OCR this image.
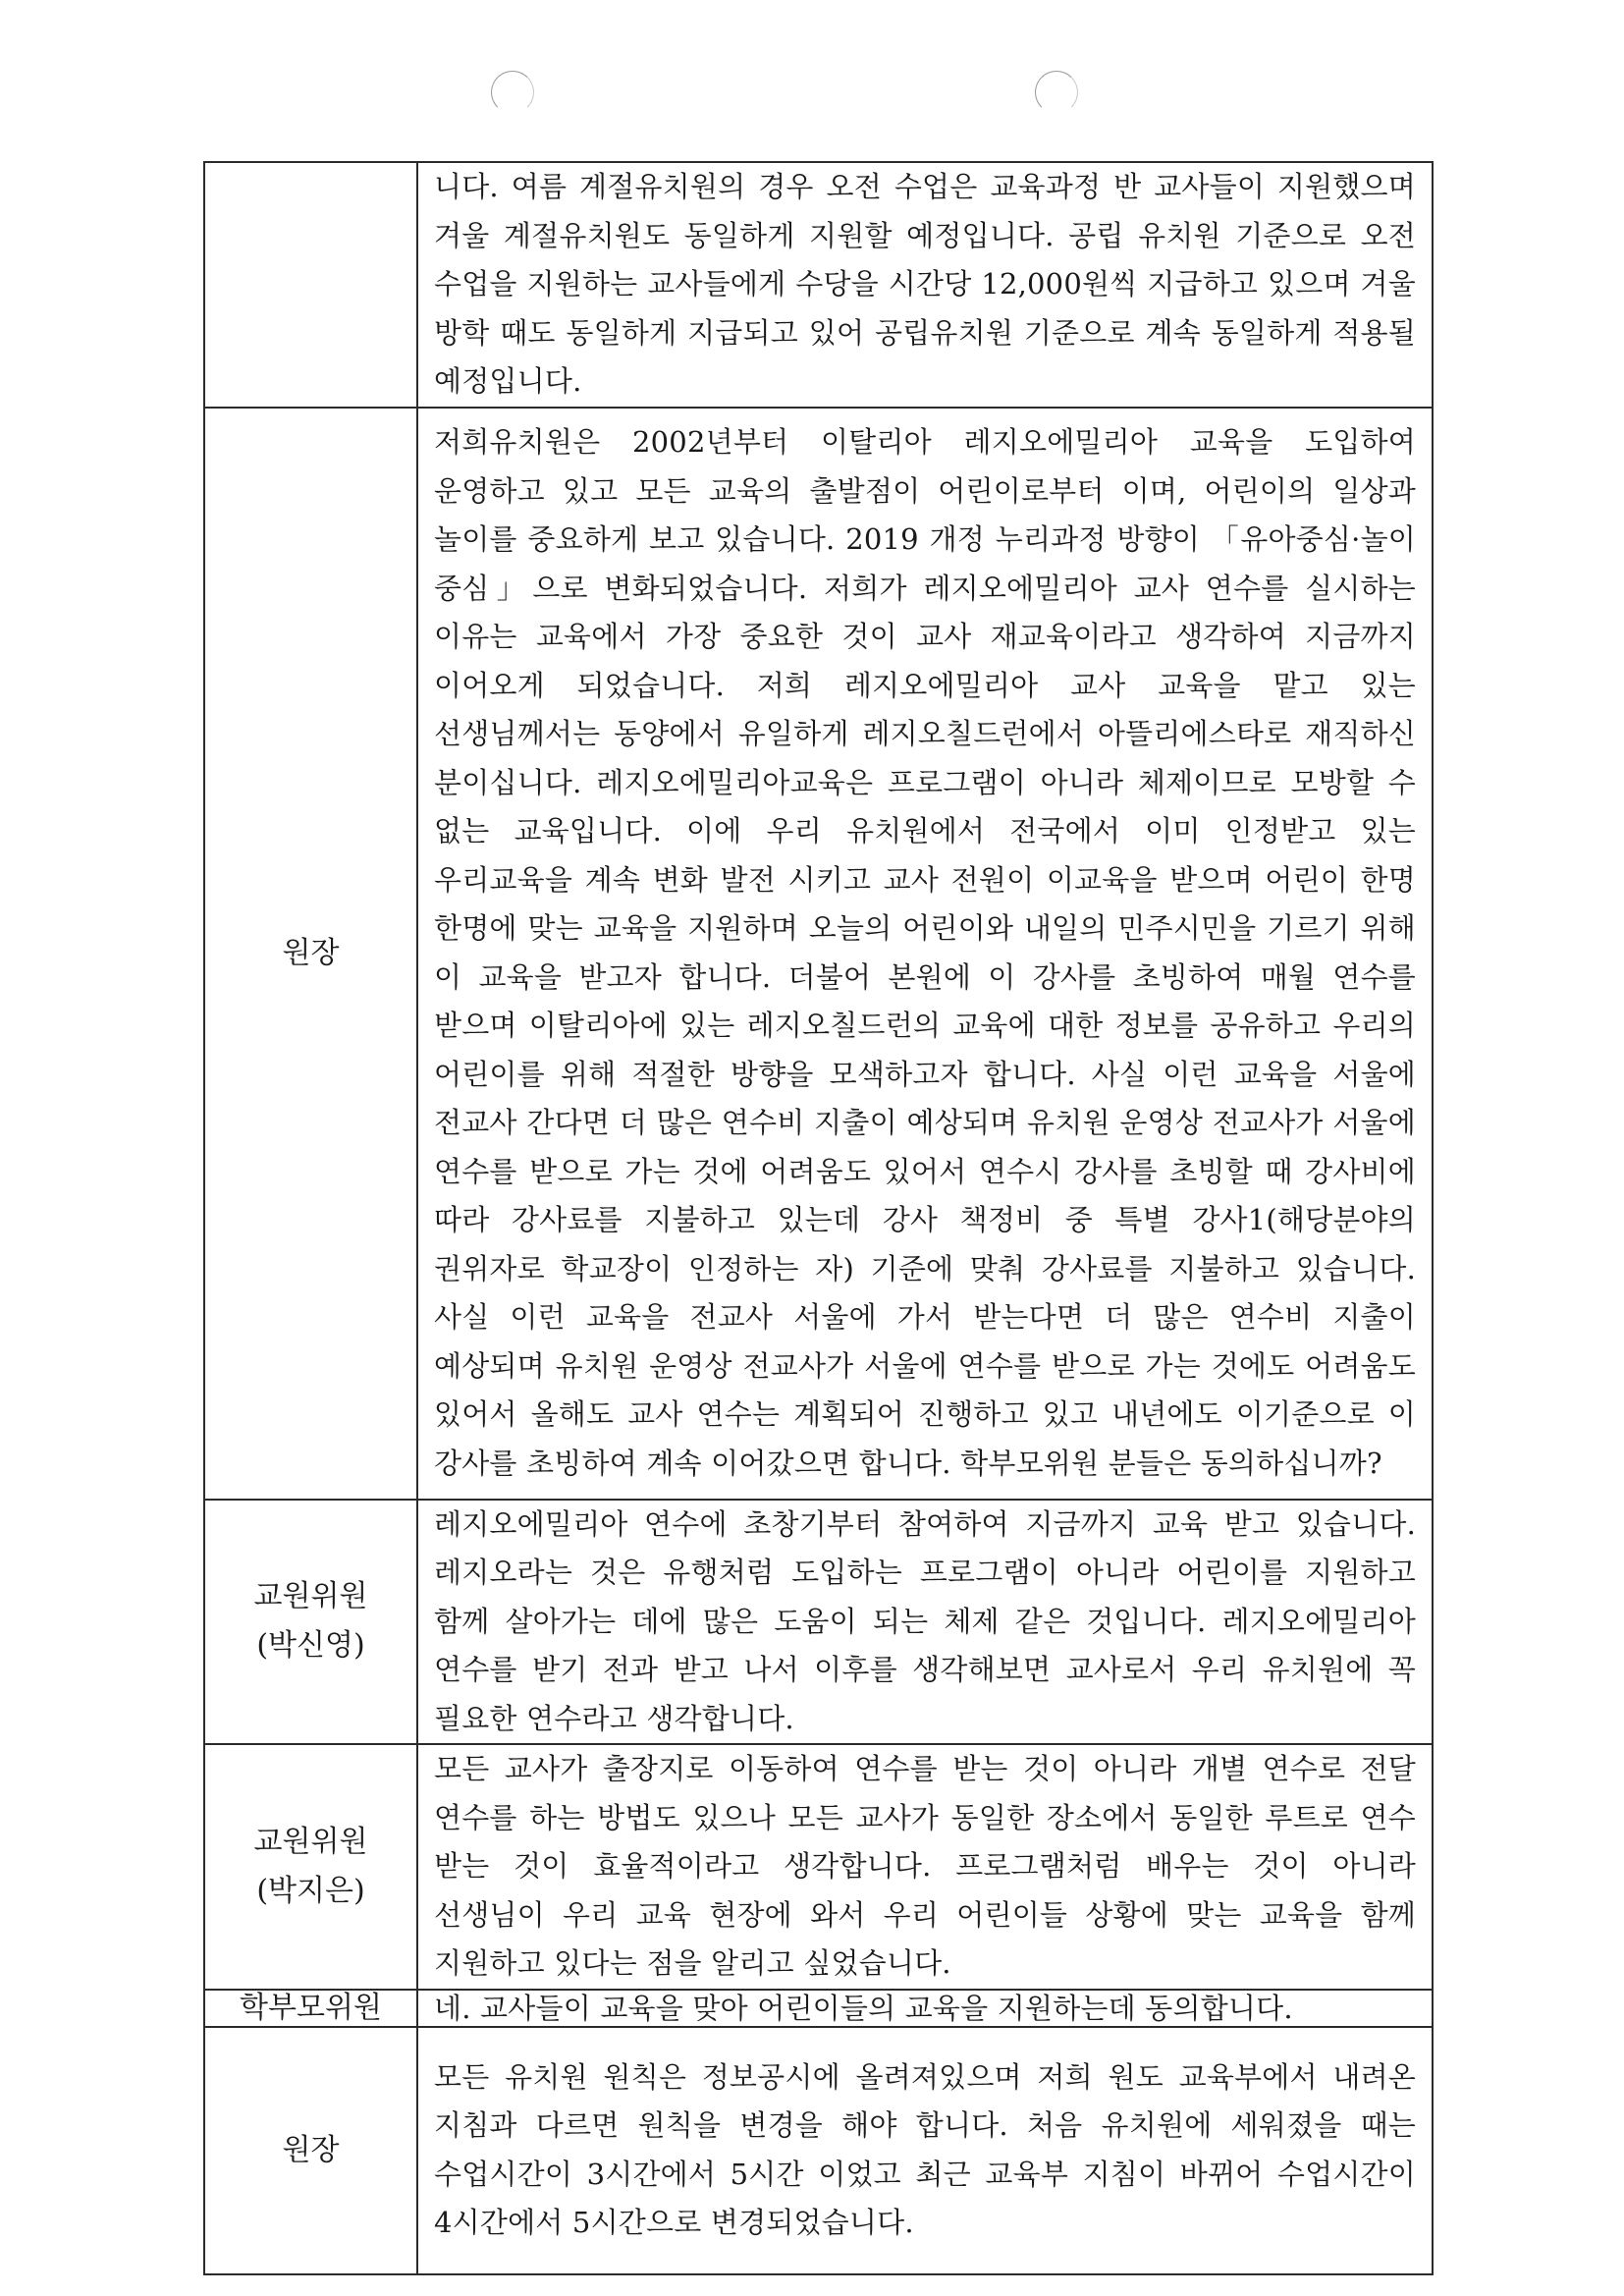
	니다. 여름 계절유치원의 경우 오전 수업은 교육과정 반 교사들이 지원했으며 겨울 계절유치원도 동일하게 지원할 예정입니다. 공립 유치원 기준으로 오전 수업을 지원하는 교사들에게 수당을 시간당 12,000원씩 지급하고 있으며 겨울 방학 때도 동일하게 지급되고 있어 공립유치원 기준으로 계속 동일하게 적용될 예정입니다.

원장	저희유치원은 2002년부터 이탈리아 레지오에밀리아 교육을 도입하여 운영하고 있고 모든 교육의 출발점이 어린이로부터 이며, 어린이의 일상과 놀이를 중요하게 보고 있습니다. 2019 개정 누리과정 방향이 「유아중심·놀이 중심」으로 변화되었습니다. 저희가 레지오에밀리아 교사 연수를 실시하는 이유는 교육에서 가장 중요한 것이 교사 재교육이라고 생각하여 지금까지 이어오게 되었습니다. 저희 레지오에밀리아 교사 교육을 맡고 있는 선생님께서는 동양에서 유일하게 레지오칠드런에서 아뜰리에스타로 재직하신 분이십니다. 레지오에밀리아교육은 프로그램이 아니라 체제이므로 모방할 수 없는 교육입니다. 이에 우리 유치원에서 전국에서 이미 인정받고 있는 우리교육을 계속 변화 발전 시키고 교사 전원이 이교육을 받으며 어린이 한명 한명에 맞는 교육을 지원하며 오늘의 어린이와 내일의 민주시민을 기르기 위해 이 교육을 받고자 합니다. 더불어 본원에 이 강사를 초빙하여 매월 연수를 받으며 이탈리아에 있는 레지오칠드런의 교육에 대한 정보를 공유하고 우리의 어린이를 위해 적절한 방향을 모색하고자 합니다. 사실 이런 교육을 서울에 전교사 간다면 더 많은 연수비 지출이 예상되며 유치원 운영상 전교사가 서울에 연수를 받으로 가는 것에 어려움도 있어서 연수시 강사를 초빙할 때 강사비에 따라 강사료를 지불하고 있는데 강사 책정비 중 특별 강사1(해당분야의 권위자로 학교장이 인정하는 자) 기준에 맞춰 강사료를 지불하고 있습니다. 사실 이런 교육을 전교사 서울에 가서 받는다면 더 많은 연수비 지출이 예상되며 유치원 운영상 전교사가 서울에 연수를 받으로 가는 것에도 어려움도 있어서 올해도 교사 연수는 계획되어 진행하고 있고 내년에도 이기준으로 이 강사를 초빙하여 계속 이어갔으면 합니다. 학부모위원 분들은 동의하십니까?

교원위원
(박신영)	레지오에밀리아 연수에 초창기부터 참여하여 지금까지 교육 받고 있습니다. 레지오라는 것은 유행처럼 도입하는 프로그램이 아니라 어린이를 지원하고 함께 살아가는 데에 많은 도움이 되는 체제 같은 것입니다. 레지오에밀리아 연수를 받기 전과 받고 나서 이후를 생각해보면 교사로서 우리 유치원에 꼭 필요한 연수라고 생각합니다.

교원위원
(박지은)	모든 교사가 출장지로 이동하여 연수를 받는 것이 아니라 개별 연수로 전달 연수를 하는 방법도 있으나 모든 교사가 동일한 장소에서 동일한 루트로 연수 받는 것이 효율적이라고 생각합니다. 프로그램처럼 배우는 것이 아니라 선생님이 우리 교육 현장에 와서 우리 어린이들 상황에 맞는 교육을 함께 지원하고 있다는 점을 알리고 싶었습니다.

학부모위원	네. 교사들이 교육을 맞아 어린이들의 교육을 지원하는데 동의합니다.

원장	모든 유치원 원칙은 정보공시에 올려져있으며 저희 원도 교육부에서 내려온 지침과 다르면 원칙을 변경을 해야 합니다. 처음 유치원에 세워졌을 때는 수업시간이 3시간에서 5시간 이었고 최근 교육부 지침이 바뀌어 수업시간이 4시간에서 5시간으로 변경되었습니다.
